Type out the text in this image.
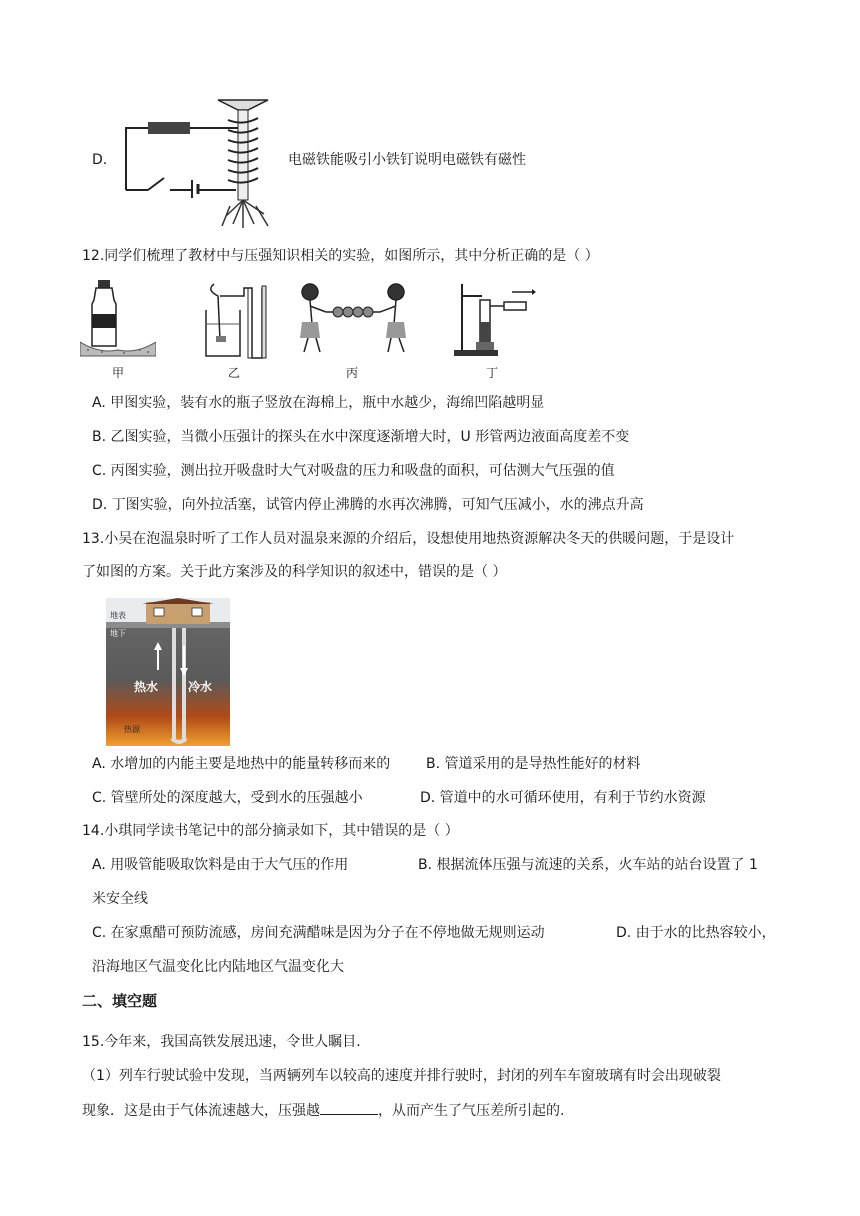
D.	电磁铁能吸引小铁钉说明电磁铁有磁性
12.同学们梳理了教材中与压强知识相关的实验，如图所示，其中分析正确的是（ ）
甲	乙	丙	丁
A. 甲图实验，装有水的瓶子竖放在海棉上，瓶中水越少，海绵凹陷越明显
B. 乙图实验，当微小压强计的探头在水中深度逐渐增大时，U 形管两边液面高度差不变
C. 丙图实验，测出拉开吸盘时大气对吸盘的压力和吸盘的面积，可估测大气压强的值
D. 丁图实验，向外拉活塞，试管内停止沸腾的水再次沸腾，可知气压减小，水的沸点升高
13.小吴在泡温泉时听了工作人员对温泉来源的介绍后，设想使用地热资源解决冬天的供暖问题，于是设计
了如图的方案。关于此方案涉及的科学知识的叙述中，错误的是（ ）
地表
地下
热水 冷水
热源
A. 水增加的内能主要是地热中的能量转移而来的	B. 管道采用的是导热性能好的材料
C. 管壁所处的深度越大，受到水的压强越小	D. 管道中的水可循环使用，有利于节约水资源
14.小琪同学读书笔记中的部分摘录如下，其中错误的是（ ）
A. 用吸管能吸取饮料是由于大气压的作用	B. 根据流体压强与流速的关系，火车站的站台设置了 1
米安全线
C. 在家熏醋可预防流感，房间充满醋味是因为分子在不停地做无规则运动	D. 由于水的比热容较小，
沿海地区气温变化比内陆地区气温变化大
二、填空题
15.今年来，我国高铁发展迅速，令世人瞩目.
（1）列车行驶试验中发现，当两辆列车以较高的速度并排行驶时，封闭的列车车窗玻璃有时会出现破裂
现象．这是由于气体流速越大，压强越	，从而产生了气压差所引起的.
